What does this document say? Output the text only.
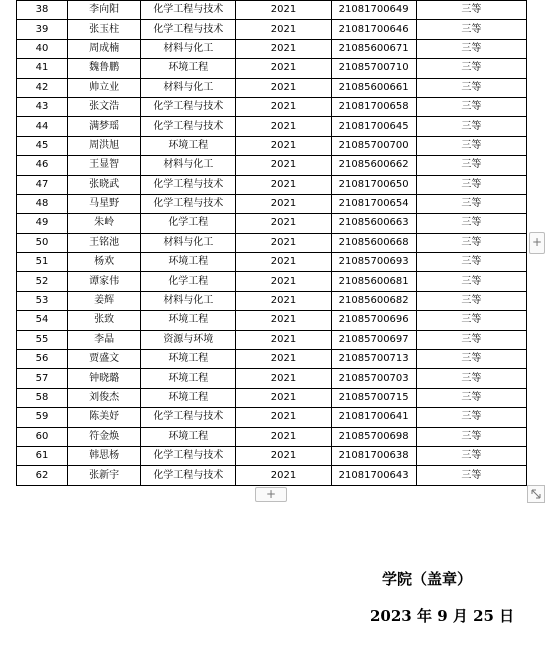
38	李向阳	化学工程与技术	2021	21081700649	三等
39	张玉柱	化学工程与技术	2021	21081700646	三等
40	周成楠	材料与化工	2021	21085600671	三等
41	魏鲁鹏	环境工程	2021	21085700710	三等
42	帅立业	材料与化工	2021	21085600661	三等
43	张文浩	化学工程与技术	2021	21081700658	三等
44	满梦瑶	化学工程与技术	2021	21081700645	三等
45	周洪旭	环境工程	2021	21085700700	三等
46	王显智	材料与化工	2021	21085600662	三等
47	张晓武	化学工程与技术	2021	21081700650	三等
48	马星野	化学工程与技术	2021	21081700654	三等
49	朱岭	化学工程	2021	21085600663	三等
50	王铭池	材料与化工	2021	21085600668	三等
51	杨欢	环境工程	2021	21085700693	三等
52	谭家伟	化学工程	2021	21085600681	三等
53	姜辉	材料与化工	2021	21085600682	三等
54	张致	环境工程	2021	21085700696	三等
55	李晶	资源与环境	2021	21085700697	三等
56	贾盛文	环境工程	2021	21085700713	三等
57	钟晓璐	环境工程	2021	21085700703	三等
58	刘俊杰	环境工程	2021	21085700715	三等
59	陈美妤	化学工程与技术	2021	21081700641	三等
60	符金焕	环境工程	2021	21085700698	三等
61	韩思杨	化学工程与技术	2021	21081700638	三等
62	张新宇	化学工程与技术	2021	21081700643	三等
+
+
学院（盖章）
2023 年 9 月 25 日
